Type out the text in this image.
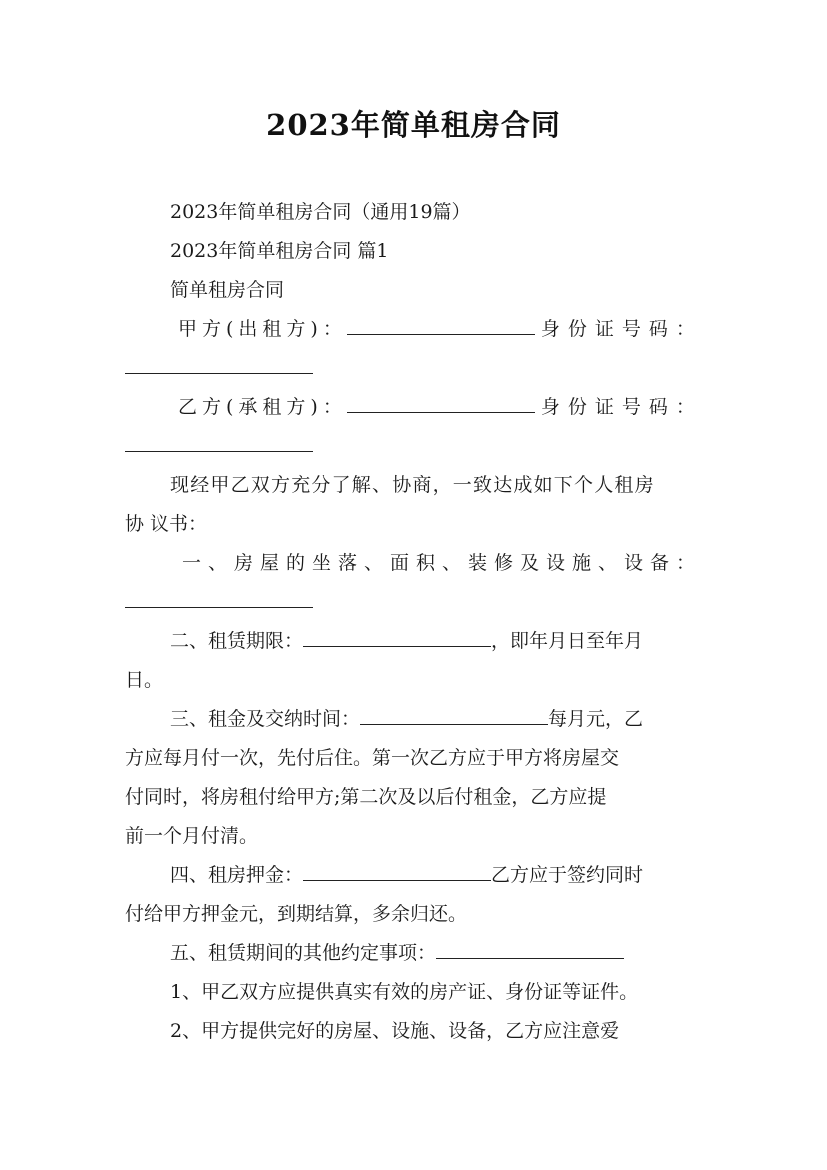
2023年简单租房合同
2023年简单租房合同（通用19篇）
2023年简单租房合同 篇1
简单租房合同
甲方(出租方)：	身份证号码：
乙方(承租方)：	身份证号码：
现经甲乙双方充分了解、协商，一致达成如下个人租房
协 议书：
一、房屋的坐落、面积、装修及设施、设备：
二、租赁期限：	，即年月日至年月
日。
三、租金及交纳时间：	每月元，乙
方应每月付一次，先付后住。第一次乙方应于甲方将房屋交
付同时，将房租付给甲方;第二次及以后付租金，乙方应提
前一个月付清。
四、租房押金：	乙方应于签约同时
付给甲方押金元，到期结算，多余归还。
五、租赁期间的其他约定事项：
1、甲乙双方应提供真实有效的房产证、身份证等证件。
2、甲方提供完好的房屋、设施、设备，乙方应注意爱
